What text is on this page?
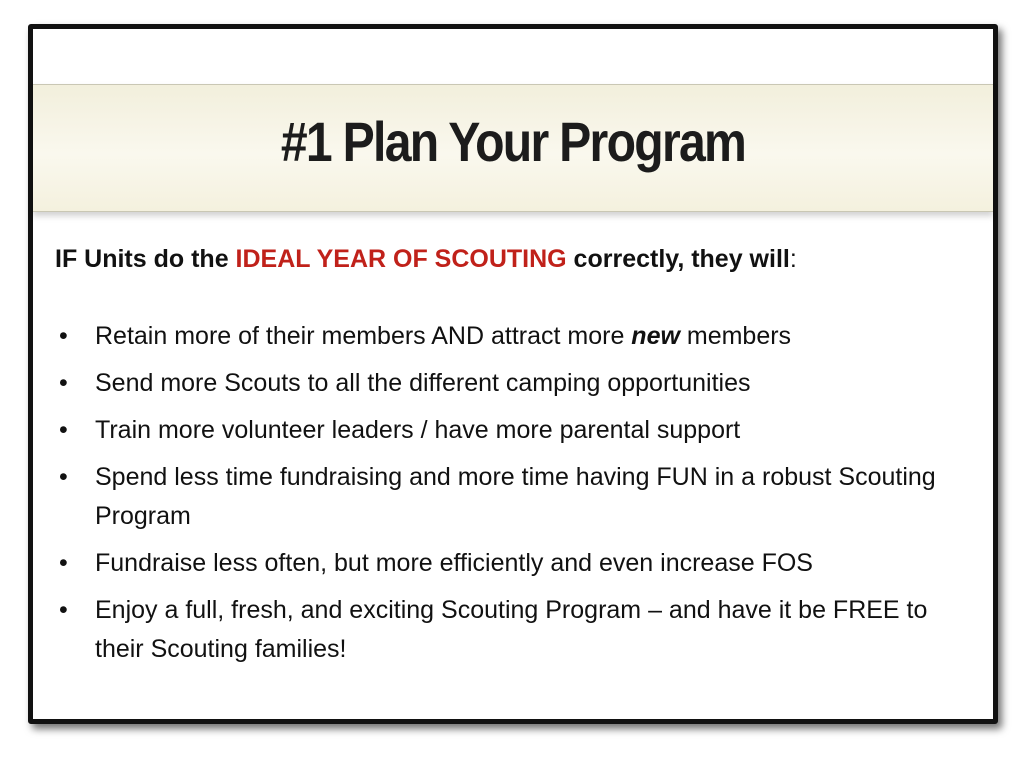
#1 Plan Your Program

IF Units do the IDEAL YEAR OF SCOUTING correctly, they will:

• Retain more of their members AND attract more new members
• Send more Scouts to all the different camping opportunities
• Train more volunteer leaders / have more parental support
• Spend less time fundraising and more time having FUN in a robust Scouting Program
• Fundraise less often, but more efficiently and even increase FOS
• Enjoy a full, fresh, and exciting Scouting Program – and have it be FREE to their Scouting families!
